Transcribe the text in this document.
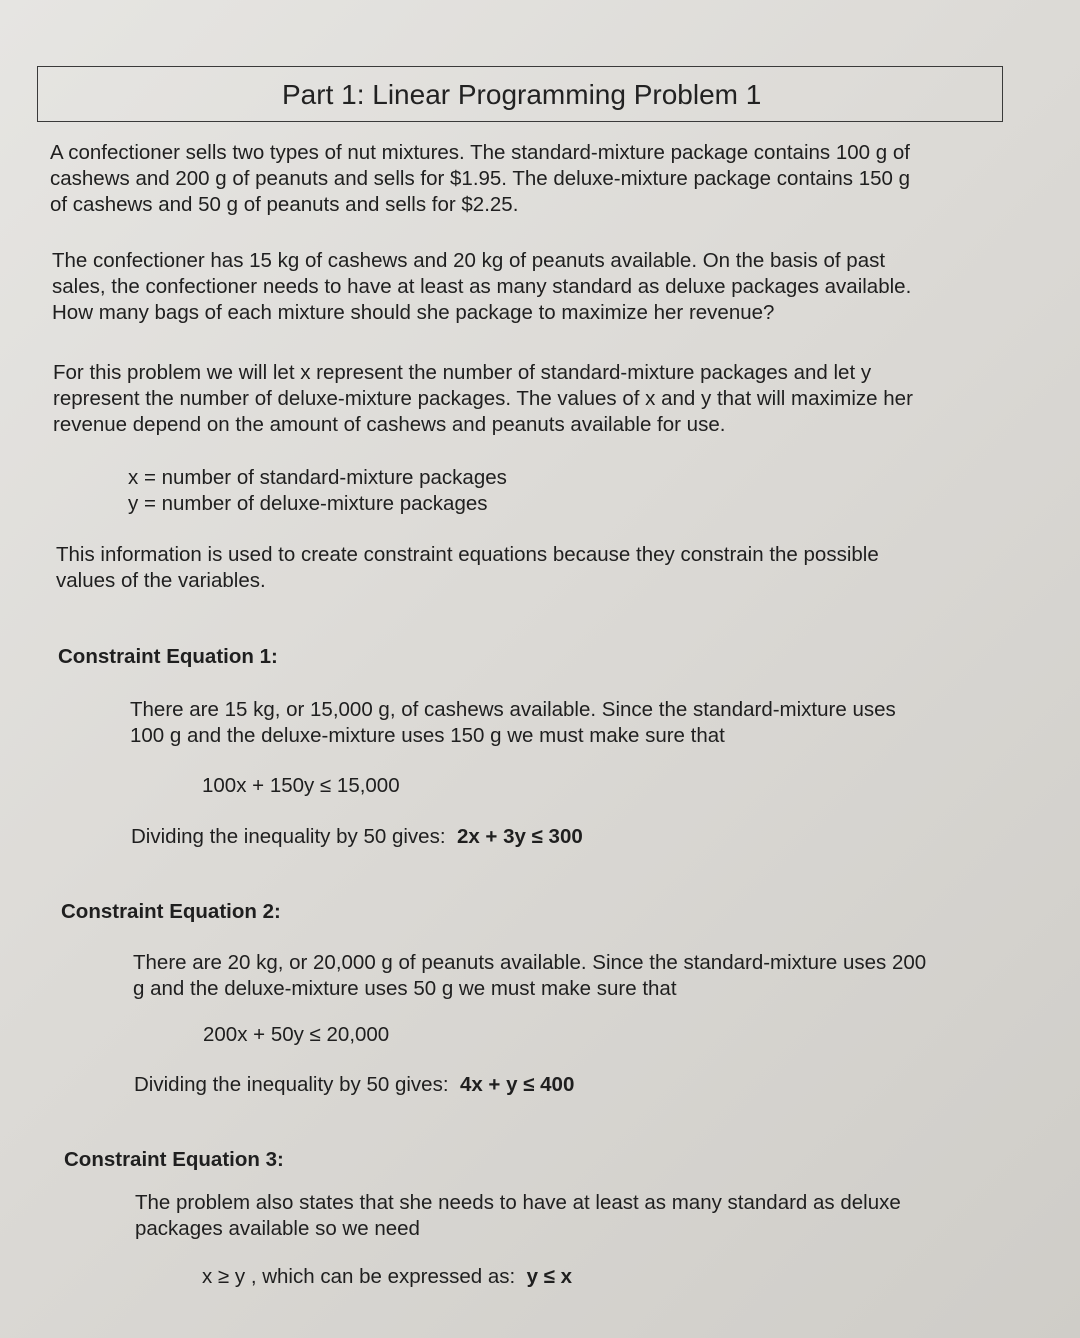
Part 1: Linear Programming Problem 1
A confectioner sells two types of nut mixtures. The standard-mixture package contains 100 g of
cashews and 200 g of peanuts and sells for $1.95. The deluxe-mixture package contains 150 g
of cashews and 50 g of peanuts and sells for $2.25.
The confectioner has 15 kg of cashews and 20 kg of peanuts available. On the basis of past
sales, the confectioner needs to have at least as many standard as deluxe packages available.
How many bags of each mixture should she package to maximize her revenue?
For this problem we will let x represent the number of standard-mixture packages and let y
represent the number of deluxe-mixture packages. The values of x and y that will maximize her
revenue depend on the amount of cashews and peanuts available for use.
x = number of standard-mixture packages
y = number of deluxe-mixture packages
This information is used to create constraint equations because they constrain the possible
values of the variables.

Constraint Equation 1:

There are 15 kg, or 15,000 g, of cashews available. Since the standard-mixture uses
100 g and the deluxe-mixture uses 150 g we must make sure that
100x + 150y ≤ 15,000
Dividing the inequality by 50 gives: 2x + 3y ≤ 300

Constraint Equation 2:

There are 20 kg, or 20,000 g of peanuts available. Since the standard-mixture uses 200
g and the deluxe-mixture uses 50 g we must make sure that
200x + 50y ≤ 20,000
Dividing the inequality by 50 gives: 4x + y ≤ 400

Constraint Equation 3:

The problem also states that she needs to have at least as many standard as deluxe
packages available so we need
x ≥ y , which can be expressed as: y ≤ x
